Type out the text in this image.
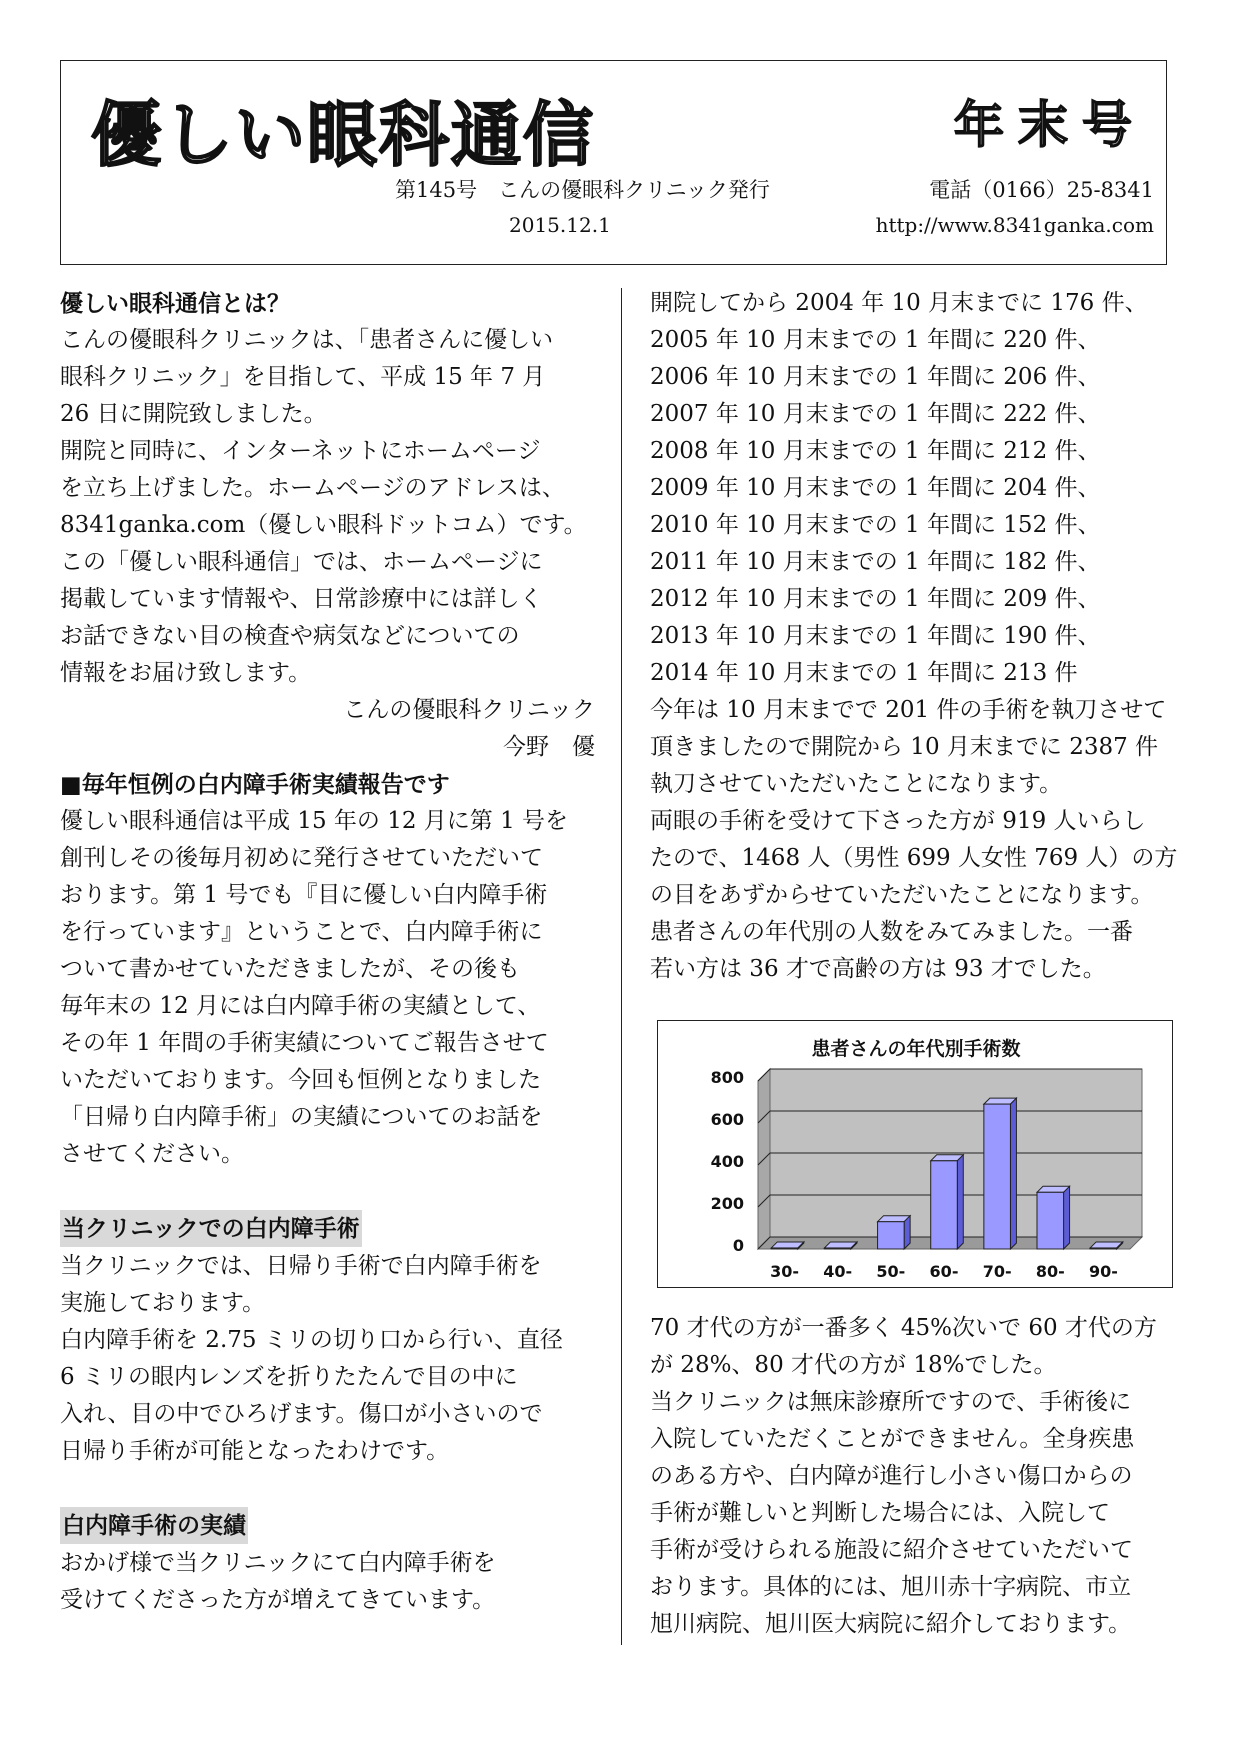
優しい眼科通信	年末号
第145号　こんの優眼科クリニック発行	電話（0166）25-8341
2015.12.1	http://www.8341ganka.com

優しい眼科通信とは？

こんの優眼科クリニックは、「患者さんに優しい

眼科クリニック」を目指して、平成 15 年 7 月

26 日に開院致しました。

開院と同時に、インターネットにホームページ

を立ち上げました。ホームページのアドレスは、

8341ganka.com（優しい眼科ドットコム）です。

この「優しい眼科通信」では、ホームページに

掲載しています情報や、日常診療中には詳しく

お話できない目の検査や病気などについての

情報をお届け致します。

こんの優眼科クリニック

今野　優

■毎年恒例の白内障手術実績報告です

優しい眼科通信は平成 15 年の 12 月に第 1 号を

創刊しその後毎月初めに発行させていただいて

おります。第 1 号でも『目に優しい白内障手術

を行っています』ということで、白内障手術に

ついて書かせていただきましたが、その後も

毎年末の 12 月には白内障手術の実績として、

その年 1 年間の手術実績についてご報告させて

いただいております。今回も恒例となりました

「日帰り白内障手術」の実績についてのお話を

させてください。

当クリニックでの白内障手術

当クリニックでは、日帰り手術で白内障手術を

実施しております。

白内障手術を 2.75 ミリの切り口から行い、直径

6 ミリの眼内レンズを折りたたんで目の中に

入れ、目の中でひろげます。傷口が小さいので

日帰り手術が可能となったわけです。

白内障手術の実績

おかげ様で当クリニックにて白内障手術を

受けてくださった方が増えてきています。

開院してから 2004 年 10 月末までに 176 件、

2005 年 10 月末までの 1 年間に 220 件、

2006 年 10 月末までの 1 年間に 206 件、

2007 年 10 月末までの 1 年間に 222 件、

2008 年 10 月末までの 1 年間に 212 件、

2009 年 10 月末までの 1 年間に 204 件、

2010 年 10 月末までの 1 年間に 152 件、

2011 年 10 月末までの 1 年間に 182 件、

2012 年 10 月末までの 1 年間に 209 件、

2013 年 10 月末までの 1 年間に 190 件、

2014 年 10 月末までの 1 年間に 213 件

今年は 10 月末までで 201 件の手術を執刀させて

頂きましたので開院から 10 月末までに 2387 件

執刀させていただいたことになります。

両眼の手術を受けて下さった方が 919 人いらし

たので、1468 人（男性 699 人女性 769 人）の方

の目をあずからせていただいたことになります。

患者さんの年代別の人数をみてみました。一番

若い方は 36 才で高齢の方は 93 才でした。

70 才代の方が一番多く 45%次いで 60 才代の方

が 28%、80 才代の方が 18%でした。

当クリニックは無床診療所ですので、手術後に

入院していただくことができません。全身疾患

のある方や、白内障が進行し小さい傷口からの

手術が難しいと判断した場合には、入院して

手術が受けられる施設に紹介させていただいて

おります。具体的には、旭川赤十字病院、市立

旭川病院、旭川医大病院に紹介しております。

患者さんの年代別手術数
0
200
400
600
800
30- 40- 50- 60- 70- 80- 90-
